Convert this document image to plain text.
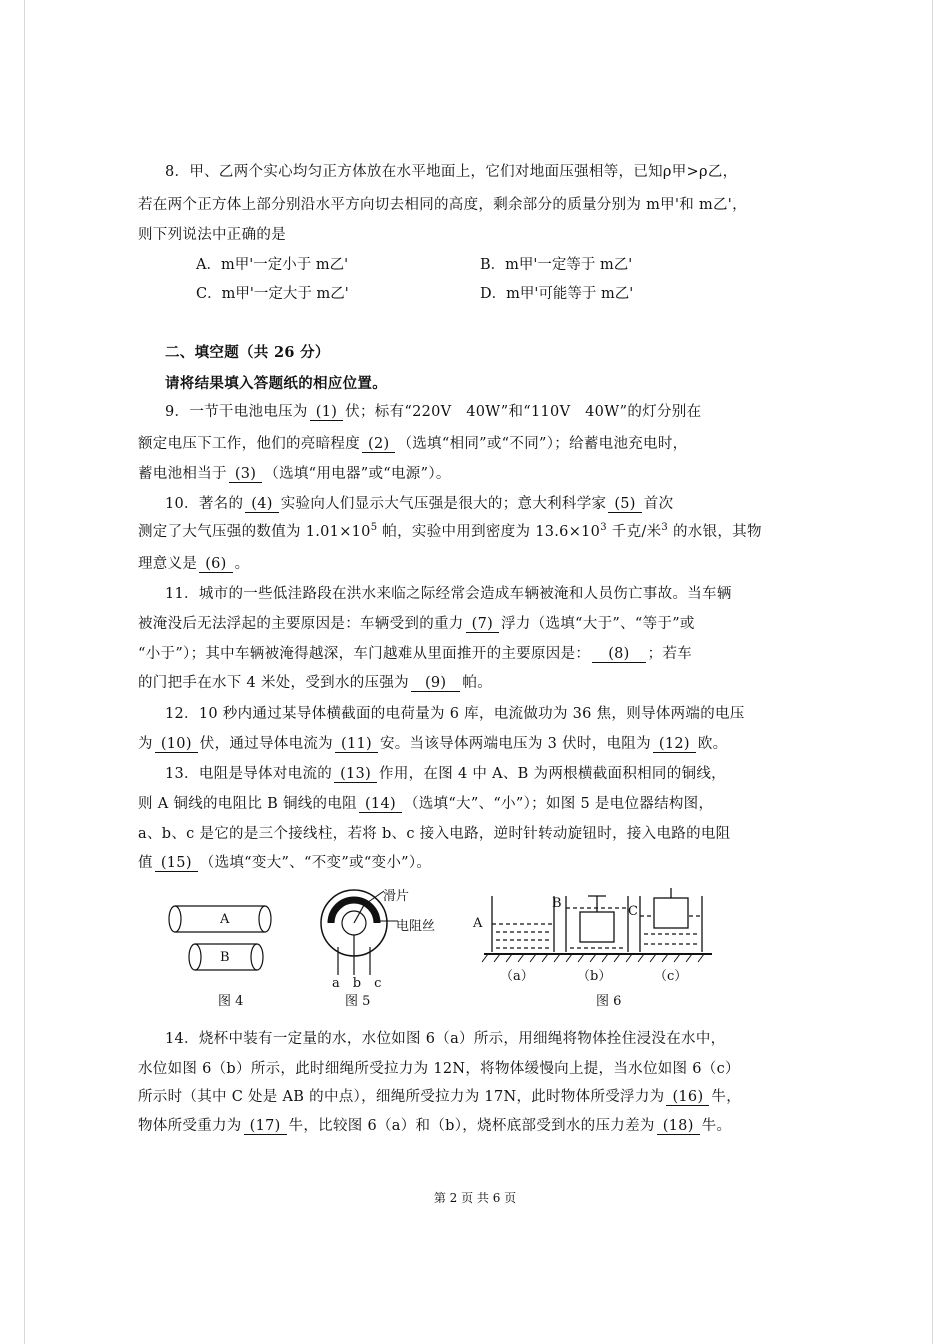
8．甲、乙两个实心均匀正方体放在水平地面上，它们对地面压强相等，已知ρ甲>ρ乙，
若在两个正方体上部分别沿水平方向切去相同的高度，剩余部分的质量分别为 m甲'和 m乙'，
则下列说法中正确的是
A．m甲'一定小于 m乙'	B．m甲'一定等于 m乙'
C．m甲'一定大于 m乙'	D．m甲'可能等于 m乙'
二、填空题（共 26 分）
请将结果填入答题纸的相应位置。
9．一节干电池电压为 (1) 伏；标有“220V　40W”和“110V　40W”的灯分别在
额定电压下工作，他们的亮暗程度 (2) （选填“相同”或“不同”）；给蓄电池充电时，
蓄电池相当于 (3) （选填“用电器”或“电源”）。
10．著名的 (4) 实验向人们显示大气压强是很大的；意大利科学家 (5) 首次
测定了大气压强的数值为 $1.01\times 10^5$ 帕，实验中用到密度为 $13.6\times 10^3$ 千克/米$^3$ 的水银，其物
理意义是 (6) 。
11．城市的一些低洼路段在洪水来临之际经常会造成车辆被淹和人员伤亡事故。当车辆
被淹没后无法浮起的主要原因是：车辆受到的重力 (7) 浮力（选填“大于”、“等于”或
“小于”）；其中车辆被淹得越深，车门越难从里面推开的主要原因是： (8) ；若车
的门把手在水下 4 米处，受到水的压强为 (9) 帕。
12．10 秒内通过某导体横截面的电荷量为 6 库，电流做功为 36 焦，则导体两端的电压
为 (10) 伏，通过导体电流为 (11) 安。当该导体两端电压为 3 伏时，电阻为 (12) 欧。
13．电阻是导体对电流的 (13) 作用，在图 4 中 A、B 为两根横截面积相同的铜线，
则 A 铜线的电阻比 B 铜线的电阻 (14) （选填“大”、“小”）；如图 5 是电位器结构图，
a、b、c 是它的是三个接线柱，若将 b、c 接入电路，逆时针转动旋钮时，接入电路的电阻
值 (15) （选填“变大”、“不变”或“变小”）。
A
B
图 4
滑片
电阻丝
a　b　c
图 5
A
B
C
（a）	（b）	（c）
图 6
14．烧杯中装有一定量的水，水位如图 6（a）所示，用细绳将物体拴住浸没在水中，
水位如图 6（b）所示，此时细绳所受拉力为 12N，将物体缓慢向上提，当水位如图 6（c）
所示时（其中 C 处是 AB 的中点），细绳所受拉力为 17N，此时物体所受浮力为 (16) 牛，
物体所受重力为 (17) 牛，比较图 6（a）和（b），烧杯底部受到水的压力差为 (18) 牛。
第 2 页 共 6 页
